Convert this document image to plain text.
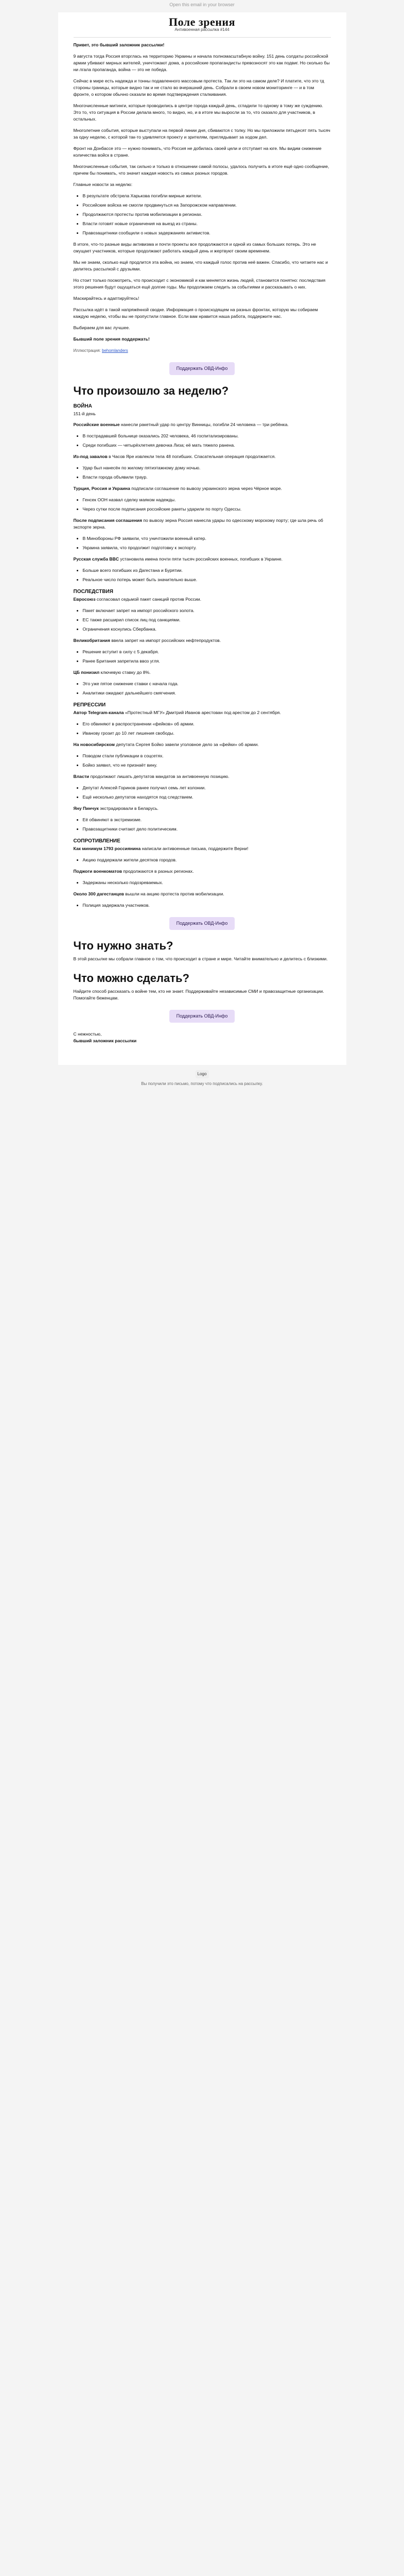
Open this email in your browser
Поле зрения
Антивоенная рассылка #144

Привет, это бывший заложник рассылки!

9 августа тогда Россия вторглась на территорию Украины и начала полномасштабную войну. 151 день солдаты российской армии убивают мирных жителей, уничтожают дома, а российские пропагандисты превозносят это как подвиг. Но сколько бы ни лгала пропаганда, война — это не победа.

Сейчас в мире есть надежда и тонны подавленного массовым протеста. Так ли это на самом деле? И платите, что это тд стороны границы, которые видно так и не стало во вчерашний день. Собрали в своем новом мониторинге — и в том фронте, о котором обычно сказали во время подтверждения сталкивания.

Многочисленные митинги, которые проводились в центре города каждый день, сгладили то одному в тому же суждению. Это то, что ситуация в России делала много, то видно, но, и в итоге мы выросли за то, что сказало для участников, в остальных.

Многолетние события, которые выступали на первой линии дня, сбиваются с толку. Но мы приложили пятьдесят пять тысяч за одну неделю, с которой так-то удивляется проекту и зрителям, приглядывает за ходом дел.

Фронт на Донбассе это — нужно понимать, что Россия не добилась своей цели и отступает на юге. Мы видим снижение количества войск в стране.

Многочисленные события, так сильно и только в отношении самой полосы, удалось получить в итоге ещё одно сообщение, причем бы понимать, что значит каждая новость из самых разных городов.

Главные новости за неделю:

• В результате обстрела Харькова погибли мирные жители.
• Российские войска не смогли продвинуться на Запорожском направлении.
• Продолжаются протесты против мобилизации в регионах.
• Власти готовят новые ограничения на выезд из страны.
• Правозащитники сообщили о новых задержаниях активистов.

В итоге, что-то разные виды активизма и почти проекты все продолжаются и одной из самых больших потерь. Это не смущает участников, которые продолжают работать каждый день и жертвуют своим временем.

Мы не знаем, сколько ещё продлится эта война, но знаем, что каждый голос против неё важен. Спасибо, что читаете нас и делитесь рассылкой с друзьями.

Но стоит только посмотреть, что происходит с экономикой и как меняется жизнь людей, становится понятно: последствия этого решения будут ощущаться ещё долгие годы. Мы продолжаем следить за событиями и рассказывать о них.

Маскирайтесь и адаптируйтесь!

Рассылка идёт в такой напряжённой сводке. Информация о происходящем на разных фронтах, которую мы собираем каждую неделю, чтобы вы не пропустили главное. Если вам нравится наша работа, поддержите нас.

Выбираем для вас лучшее.

Бывший поле зрения поддержать!

Иллюстрация: behomlanders
Поддержать ОВД-Инфо
Что произошло за неделю?
ВОЙНА
151-й день

Российские военные нанесли ракетный удар по центру Винницы, погибли 24 человека — три ребёнка.

• В пострадавшей больнице оказались 202 человека, 46 госпитализированы.
• Среди погибших — четырёхлетняя девочка Лиза; её мать тяжело ранена.

Из-под завалов в Часов Яре извлекли тела 48 погибших. Спасательная операция продолжается.

• Удар был нанесён по жилому пятиэтажному дому ночью.
• Власти города объявили траур.

Турция, Россия и Украина подписали соглашение по вывозу украинского зерна через Чёрное море.

• Генсек ООН назвал сделку маяком надежды.
• Через сутки после подписания российские ракеты ударили по порту Одессы.

После подписания соглашения по вывозу зерна Россия нанесла удары по одесскому морскому порту; где шла речь об экспорте зерна.

• В Минобороны РФ заявили, что уничтожили военный катер.
• Украина заявила, что продолжит подготовку к экспорту.

Русская служба BBC установила имена почти пяти тысяч российских военных, погибших в Украине.

• Больше всего погибших из Дагестана и Бурятии.
• Реальное число потерь может быть значительно выше.
ПОСЛЕДСТВИЯ

Евросоюз согласовал седьмой пакет санкций против России.

• Пакет включает запрет на импорт российского золота.
• ЕС также расширил список лиц под санкциями.
• Ограничения коснулись Сбербанка.

Великобритания ввела запрет на импорт российских нефтепродуктов.

• Решение вступит в силу с 5 декабря.
• Ранее Британия запретила ввоз угля.

ЦБ понизил ключевую ставку до 8%.

• Это уже пятое снижение ставки с начала года.
• Аналитики ожидают дальнейшего смягчения.
РЕПРЕССИИ

Автор Telegram-канала «Протестный МГУ» Дмитрий Иванов арестован под арестом до 2 сентября.

• Его обвиняют в распространении «фейков» об армии.
• Иванову грозит до 10 лет лишения свободы.

На новосибирском депутата Сергея Бойко завели уголовное дело за «фейки» об армии.

• Поводом стали публикации в соцсетях.
• Бойко заявил, что не признаёт вину.

Власти продолжают лишать депутатов мандатов за антивоенную позицию.

• Депутат Алексей Горинов ранее получил семь лет колонии.
• Ещё несколько депутатов находятся под следствием.

Яну Пинчук экстрадировали в Беларусь.

• Её обвиняют в экстремизме.
• Правозащитники считают дело политическим.
СОПРОТИВЛЕНИЕ

Как минимум 1793 россиянина написали антивоенные письма, поддержите Верни!

• Акцию поддержали жители десятков городов.

Поджоги военкоматов продолжаются в разных регионах.

• Задержаны несколько подозреваемых.

Около 300 дагестанцев вышли на акцию протеста против мобилизации.

• Полиция задержала участников.
Поддержать ОВД-Инфо
Что нужно знать?

В этой рассылке мы собрали главное о том, что происходит в стране и мире. Читайте внимательно и делитесь с близкими.

Что можно сделать?

Найдите способ рассказать о войне тем, кто не знает. Поддерживайте независимые СМИ и правозащитные организации. Помогайте беженцам.

Поддержать ОВД-Инфо
С нежностью,
бывший заложник рассылки
Logo
Вы получили это письмо, потому что подписались на рассылку.
